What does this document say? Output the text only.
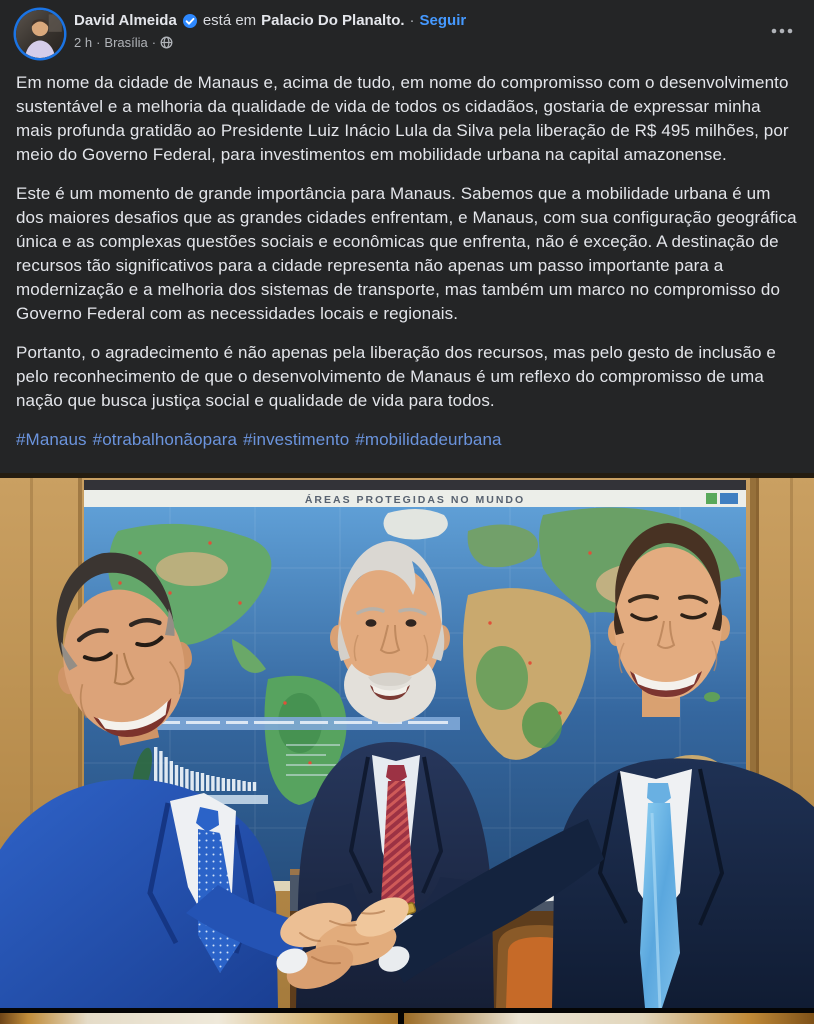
David Almeida está em Palacio Do Planalto. · Seguir
2 h · Brasília ·

Em nome da cidade de Manaus e, acima de tudo, em nome do compromisso com o desenvolvimento sustentável e a melhoria da qualidade de vida de todos os cidadãos, gostaria de expressar minha mais profunda gratidão ao Presidente Luiz Inácio Lula da Silva pela liberação de R$ 495 milhões, por meio do Governo Federal, para investimentos em mobilidade urbana na capital amazonense.

Este é um momento de grande importância para Manaus. Sabemos que a mobilidade urbana é um dos maiores desafios que as grandes cidades enfrentam, e Manaus, com sua configuração geográfica única e as complexas questões sociais e econômicas que enfrenta, não é exceção. A destinação de recursos tão significativos para a cidade representa não apenas um passo importante para a modernização e a melhoria dos sistemas de transporte, mas também um marco no compromisso do Governo Federal com as necessidades locais e regionais.

Portanto, o agradecimento é não apenas pela liberação dos recursos, mas pelo gesto de inclusão e pelo reconhecimento de que o desenvolvimento de Manaus é um reflexo do compromisso de uma nação que busca justiça social e qualidade de vida para todos.

#Manaus #otrabalhonãopara #investimento #mobilidadeurbana

ÁREAS PROTEGIDAS NO MUNDO
